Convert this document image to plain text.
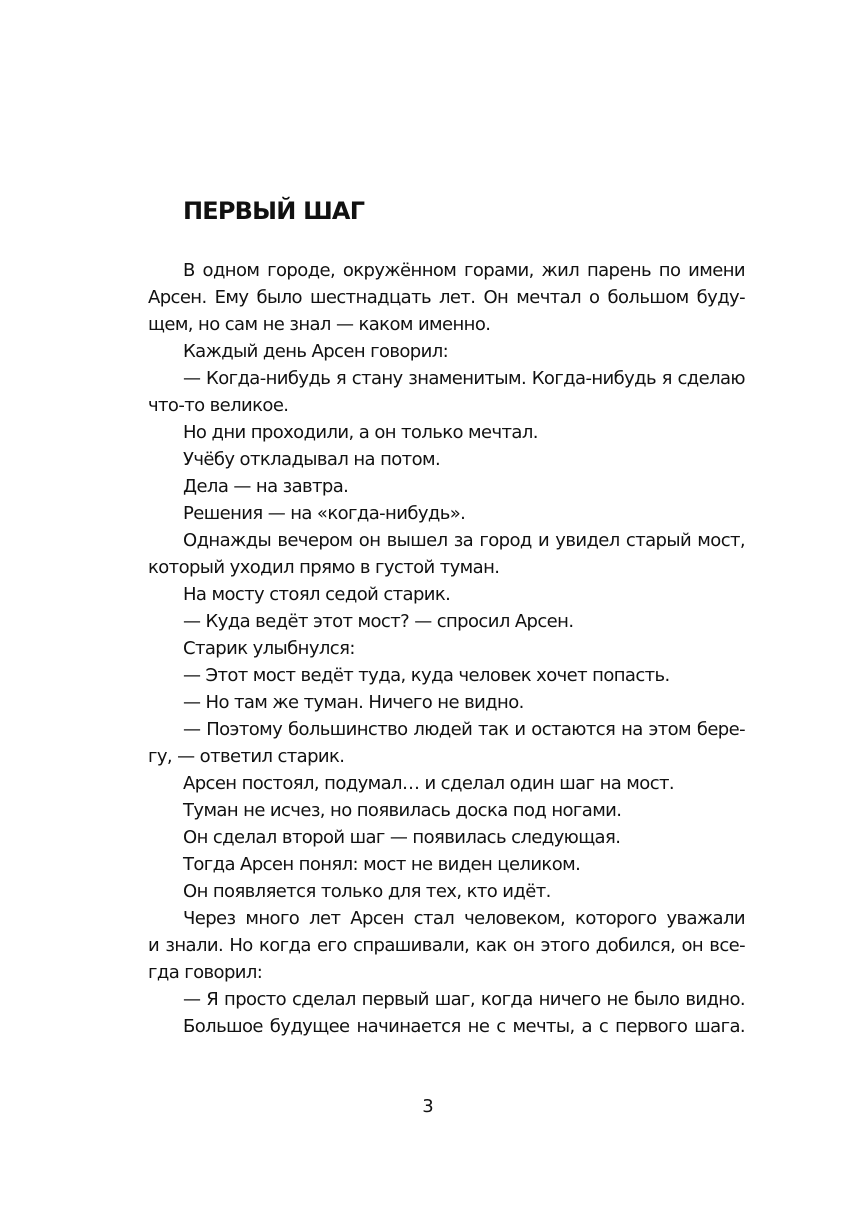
ПЕРВЫЙ ШАГ
В одном городе, окружённом горами, жил парень по имени
Арсен. Ему было шестнадцать лет. Он мечтал о большом буду-
щем, но сам не знал — каком именно.
Каждый день Арсен говорил:
— Когда-нибудь я стану знаменитым. Когда-нибудь я сделаю
что-то великое.
Но дни проходили, а он только мечтал.
Учёбу откладывал на потом.
Дела — на завтра.
Решения — на «когда-нибудь».
Однажды вечером он вышел за город и увидел старый мост,
который уходил прямо в густой туман.
На мосту стоял седой старик.
— Куда ведёт этот мост? — спросил Арсен.
Старик улыбнулся:
— Этот мост ведёт туда, куда человек хочет попасть.
— Но там же туман. Ничего не видно.
— Поэтому большинство людей так и остаются на этом бере-
гу, — ответил старик.
Арсен постоял, подумал… и сделал один шаг на мост.
Туман не исчез, но появилась доска под ногами.
Он сделал второй шаг — появилась следующая.
Тогда Арсен понял: мост не виден целиком.
Он появляется только для тех, кто идёт.
Через много лет Арсен стал человеком, которого уважали
и знали. Но когда его спрашивали, как он этого добился, он все-
гда говорил:
— Я просто сделал первый шаг, когда ничего не было видно.
Большое будущее начинается не с мечты, а с первого шага.
3
